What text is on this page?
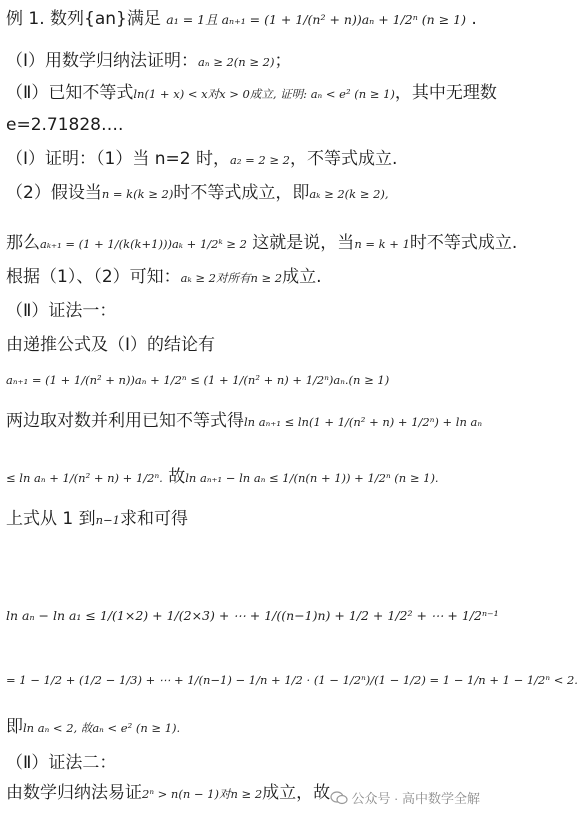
例 1. 数列{an}满足 a₁ = 1且 aₙ₊₁ = (1 + 1/(n² + n))aₙ + 1/2ⁿ (n ≥ 1) .
（Ⅰ）用数学归纳法证明：aₙ ≥ 2(n ≥ 2)；
（Ⅱ）已知不等式ln(1 + x) < x对x > 0成立, 证明: aₙ < e² (n ≥ 1)，其中无理数
e=2.71828….
（Ⅰ）证明：（1）当 n=2 时，a₂ = 2 ≥ 2，不等式成立.
（2）假设当n = k(k ≥ 2)时不等式成立，即aₖ ≥ 2(k ≥ 2),
那么aₖ₊₁ = (1 + 1/(k(k+1)))aₖ + 1/2ᵏ ≥ 2 这就是说，当n = k + 1时不等式成立.
根据（1）、（2）可知：aₖ ≥ 2对所有n ≥ 2成立.
（Ⅱ）证法一：
由递推公式及（Ⅰ）的结论有
aₙ₊₁ = (1 + 1/(n² + n))aₙ + 1/2ⁿ ≤ (1 + 1/(n² + n) + 1/2ⁿ)aₙ.(n ≥ 1)
两边取对数并利用已知不等式得ln aₙ₊₁ ≤ ln(1 + 1/(n² + n) + 1/2ⁿ) + ln aₙ
≤ ln aₙ + 1/(n² + n) + 1/2ⁿ. 故ln aₙ₊₁ − ln aₙ ≤ 1/(n(n + 1)) + 1/2ⁿ (n ≥ 1).
上式从 1 到n−1求和可得
ln aₙ − ln a₁ ≤ 1/(1×2) + 1/(2×3) + ⋯ + 1/((n−1)n) + 1/2 + 1/2² + ⋯ + 1/2ⁿ⁻¹
= 1 − 1/2 + (1/2 − 1/3) + ⋯ + 1/(n−1) − 1/n + 1/2 · (1 − 1/2ⁿ)/(1 − 1/2) = 1 − 1/n + 1 − 1/2ⁿ < 2.
即ln aₙ < 2, 故aₙ < e² (n ≥ 1).
（Ⅱ）证法二：
由数学归纳法易证2ⁿ > n(n − 1)对n ≥ 2成立，故	公众号 · 高中数学全解
